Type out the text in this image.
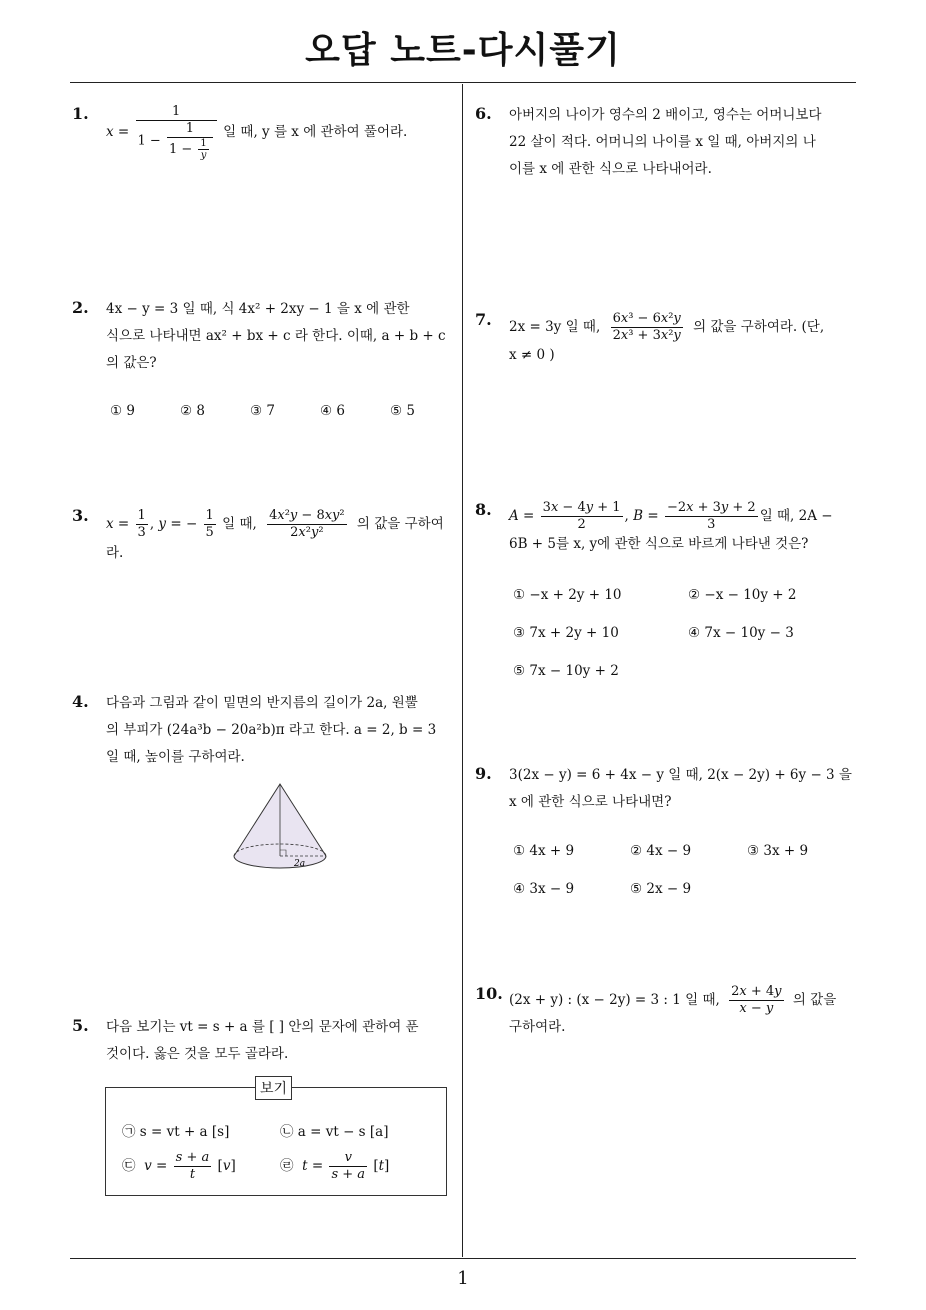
오답 노트-다시풀기
1
1.
$x = \frac{1}{1 - \frac{1}{1 - \frac{1}{y}}}$ 일 때, y 를 x 에 관하여 풀어라.
2. 4x − y = 3 일 때, 식 4x² + 2xy − 1 을 x 에 관한
식으로 나타내면 ax² + bx + c 라 한다. 이때, a + b + c
의 값은?
① 9	② 8	③ 7	④ 6	⑤ 5
3. $x = \frac{1}{3}$ , y = − $\frac{1}{5}$ 일 때, $\frac{\text{4x²y − 8xy²}}{\text{2x²y²}}$ 의 값을 구하여
라.
4. 다음과 그림과 같이 밑면의 반지름의 길이가 2a, 원뿔
의 부피가 (24a³b − 20a²b)π 라고 한다. a = 2, b = 3
일 때, 높이를 구하여라.
2a
5. 다음 보기는 vt = s + a 를 [ ] 안의 문자에 관하여 푼
것이다. 옳은 것을 모두 골라라.
보기
㉠ s = vt + a [s]	㉡ a = vt − s [a]
㉢ $v = \frac{s + a}{t} [v]$	㉣ $t = \frac{v}{s + a} [t]$
6. 아버지의 나이가 영수의 2 배이고, 영수는 어머니보다
22 살이 적다. 어머니의 나이를 x 일 때, 아버지의 나
이를 x 에 관한 식으로 나타내어라.
7. 2x = 3y 일 때, $\frac{\text{6x³ − 6x²y}}{\text{2x³ + 3x²y}}$ 의 값을 구하여라. (단,
x ≠ 0 )
8. $A = \frac{3x - 4y + 1}{2}$ , $B = \frac{-2x + 3y + 2}{3}$ 일 때, 2A −
6B + 5를 x, y에 관한 식으로 바르게 나타낸 것은?
① −x + 2y + 10	② −x − 10y + 2
③ 7x + 2y + 10	④ 7x − 10y − 3
⑤ 7x − 10y + 2
9. 3(2x − y) = 6 + 4x − y 일 때, 2(x − 2y) + 6y − 3 을
x 에 관한 식으로 나타내면?
① 4x + 9	② 4x − 9	③ 3x + 9
④ 3x − 9	⑤ 2x − 9
10. (2x + y) : (x − 2y) = 3 : 1 일 때, $\frac{2x + 4y}{x - y}$ 의 값을
구하여라.
